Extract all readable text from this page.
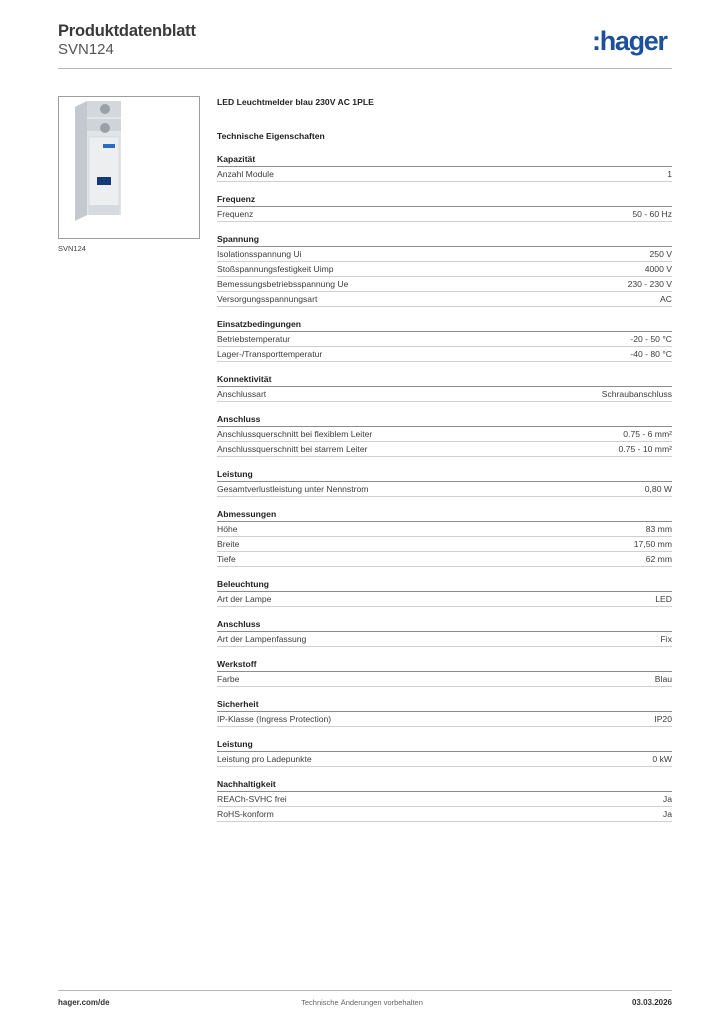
Produktdatenblatt
SVN124	:hager
SVN124
LED Leuchtmelder blau 230V AC 1PLE
Technische Eigenschaften
Kapazität
Anzahl Module	1
Frequenz
Frequenz	50 - 60 Hz
Spannung
Isolationsspannung Ui	250 V
Stoßspannungsfestigkeit Uimp	4000 V
Bemessungsbetriebsspannung Ue	230 - 230 V
Versorgungsspannungsart	AC
Einsatzbedingungen
Betriebstemperatur	-20 - 50 °C
Lager-/Transporttemperatur	-40 - 80 °C
Konnektivität
Anschlussart	Schraubanschluss
Anschluss
Anschlussquerschnitt bei flexiblem Leiter	0.75 - 6 mm²
Anschlussquerschnitt bei starrem Leiter	0.75 - 10 mm²
Leistung
Gesamtverlustleistung unter Nennstrom	0,80 W
Abmessungen
Höhe	83 mm
Breite	17,50 mm
Tiefe	62 mm
Beleuchtung
Art der Lampe	LED
Anschluss
Art der Lampenfassung	Fix
Werkstoff
Farbe	Blau
Sicherheit
IP-Klasse (Ingress Protection)	IP20
Leistung
Leistung pro Ladepunkte	0 kW
Nachhaltigkeit
REACh-SVHC frei	Ja
RoHS-konform	Ja
hager.com/de	Technische Änderungen vorbehalten	03.03.2026
